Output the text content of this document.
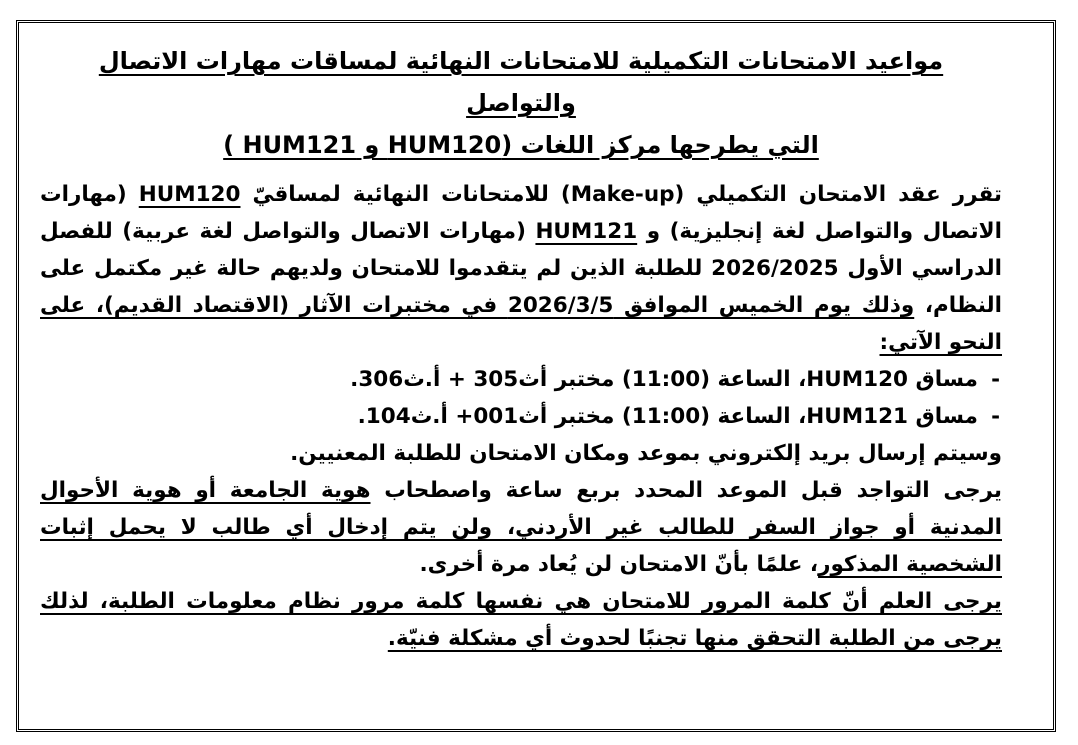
مواعيد الامتحانات التكميلية للامتحانات النهائية لمساقات مهارات الاتصال والتواصل
التي يطرحها مركز اللغات (HUM120 و HUM121 )
تقرر عقد الامتحان التكميلي (Make-up) للامتحانات النهائية لمساقيّ HUM120 (مهارات الاتصال والتواصل لغة إنجليزية) و HUM121 (مهارات الاتصال والتواصل لغة عربية) للفصل الدراسي الأول 2026/2025 للطلبة الذين لم يتقدموا للامتحان ولديهم حالة غير مكتمل على النظام، وذلك يوم الخميس الموافق 2026/3/5 في مختبرات الآثار (الاقتصاد القديم)، على النحو الآتي:
-
مساق HUM120، الساعة (11:00) مختبر أث305 + أ.ث306.
-
مساق HUM121، الساعة (11:00) مختبر أث001+ أ.ث104.
وسيتم إرسال بريد إلكتروني بموعد ومكان الامتحان للطلبة المعنيين.
يرجى التواجد قبل الموعد المحدد بربع ساعة واصطحاب هوية الجامعة أو هوية الأحوال المدنية أو جواز السفر للطالب غير الأردني، ولن يتم إدخال أي طالب لا يحمل إثبات الشخصية المذكور، علمًا بأنّ الامتحان لن يُعاد مرة أخرى.
يرجى العلم أنّ كلمة المرور للامتحان هي نفسها كلمة مرور نظام معلومات الطلبة، لذلك يرجى من الطلبة التحقق منها تجنبًا لحدوث أي مشكلة فنيّة.
